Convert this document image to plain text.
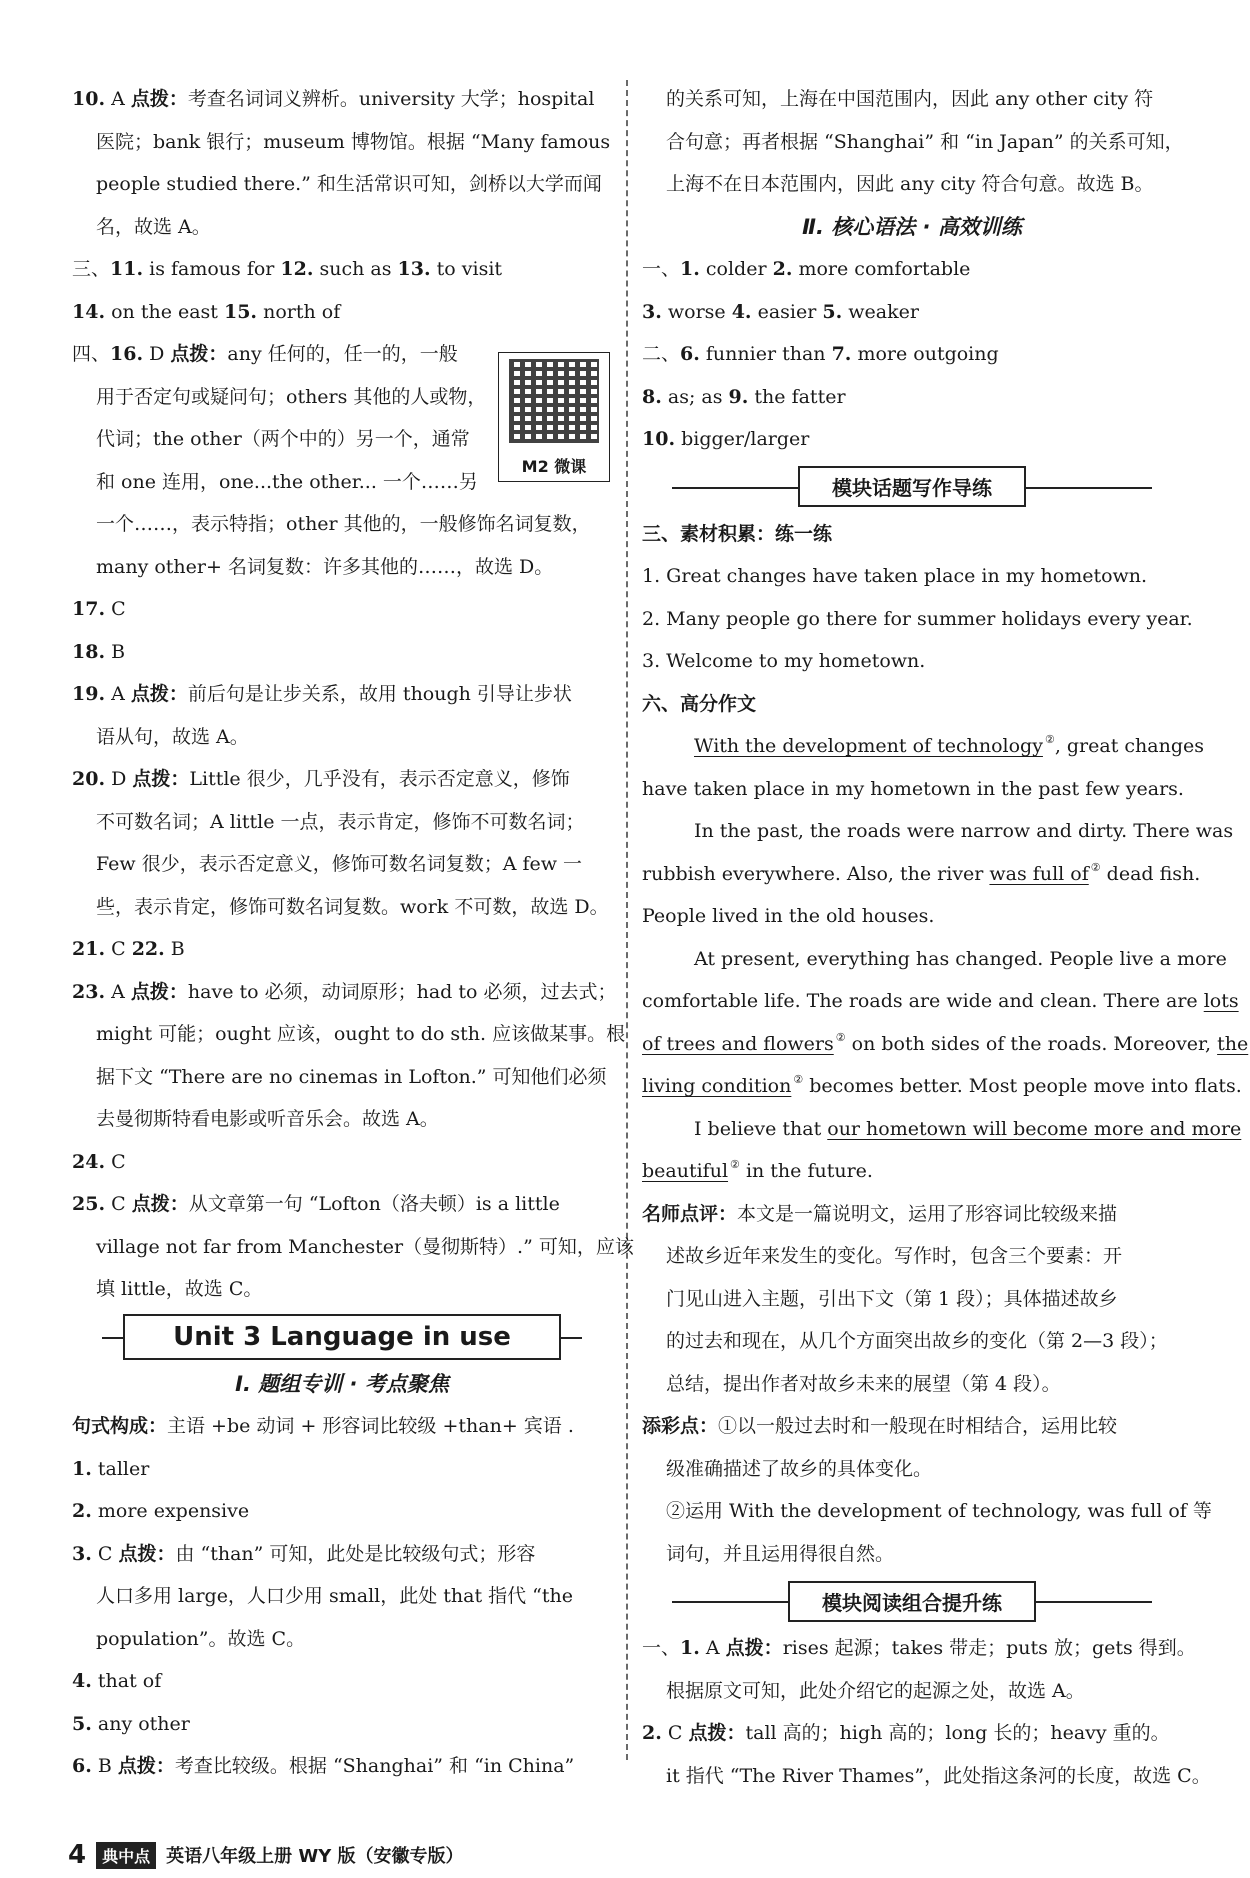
10. A 点拨：考查名词词义辨析。university 大学；hospital
医院；bank 银行；museum 博物馆。根据 “Many famous
people studied there.” 和生活常识可知，剑桥以大学而闻
名，故选 A。
三、11. is famous for 12. such as 13. to visit
14. on the east 15. north of
四、16. D 点拨：any 任何的，任一的，一般
用于否定句或疑问句；others 其他的人或物，
代词；the other（两个中的）另一个，通常
和 one 连用，one...the other... 一个……另
一个……，表示特指；other 其他的，一般修饰名词复数，
many other+ 名词复数：许多其他的……，故选 D。
17. C
18. B
19. A 点拨：前后句是让步关系，故用 though 引导让步状
语从句，故选 A。
20. D 点拨：Little 很少，几乎没有，表示否定意义，修饰
不可数名词；A little 一点，表示肯定，修饰不可数名词；
Few 很少，表示否定意义，修饰可数名词复数；A few 一
些，表示肯定，修饰可数名词复数。work 不可数，故选 D。
21. C 22. B
23. A 点拨：have to 必须，动词原形；had to 必须，过去式；
might 可能；ought 应该，ought to do sth. 应该做某事。根
据下文 “There are no cinemas in Lofton.” 可知他们必须
去曼彻斯特看电影或听音乐会。故选 A。
24. C
25. C 点拨：从文章第一句 “Lofton（洛夫顿）is a little
village not far from Manchester（曼彻斯特）.” 可知，应该
填 little，故选 C。
Unit 3 Language in use
Ⅰ. 题组专训 · 考点聚焦
句式构成：主语 +be 动词 + 形容词比较级 +than+ 宾语 .
1. taller
2. more expensive
3. C 点拨：由 “than” 可知，此处是比较级句式；形容
人口多用 large，人口少用 small，此处 that 指代 “the
population”。故选 C。
4. that of
5. any other
6. B 点拨：考查比较级。根据 “Shanghai” 和 “in China”
M2 微课
的关系可知，上海在中国范围内，因此 any other city 符
合句意；再者根据 “Shanghai” 和 “in Japan” 的关系可知，
上海不在日本范围内，因此 any city 符合句意。故选 B。
Ⅱ. 核心语法 · 高效训练
一、1. colder 2. more comfortable
3. worse 4. easier 5. weaker
二、6. funnier than 7. more outgoing
8. as; as 9. the fatter
10. bigger/larger
模块话题写作导练
三、素材积累：练一练
1. Great changes have taken place in my hometown.
2. Many people go there for summer holidays every year.
3. Welcome to my hometown.
六、高分作文
With the development of technology ②, great changes
have taken place in my hometown in the past few years.
In the past, the roads were narrow and dirty. There was
rubbish everywhere. Also, the river was full of ② dead fish.
People lived in the old houses.
At present, everything has changed. People live a more
comfortable life. The roads are wide and clean. There are lots
of trees and flowers ② on both sides of the roads. Moreover, the
living condition ② becomes better. Most people move into flats.
I believe that our hometown will become more and more
beautiful ② in the future.
名师点评：本文是一篇说明文，运用了形容词比较级来描
述故乡近年来发生的变化。写作时，包含三个要素：开
门见山进入主题，引出下文（第 1 段）；具体描述故乡
的过去和现在，从几个方面突出故乡的变化（第 2—3 段）；
总结，提出作者对故乡未来的展望（第 4 段）。
添彩点：①以一般过去时和一般现在时相结合，运用比较
级准确描述了故乡的具体变化。
②运用 With the development of technology, was full of 等
词句，并且运用得很自然。
模块阅读组合提升练
一、1. A 点拨：rises 起源；takes 带走；puts 放；gets 得到。
根据原文可知，此处介绍它的起源之处，故选 A。
2. C 点拨：tall 高的；high 高的；long 长的；heavy 重的。
it 指代 “The River Thames”，此处指这条河的长度，故选 C。
4	典中点 英语八年级上册 WY 版（安徽专版）
